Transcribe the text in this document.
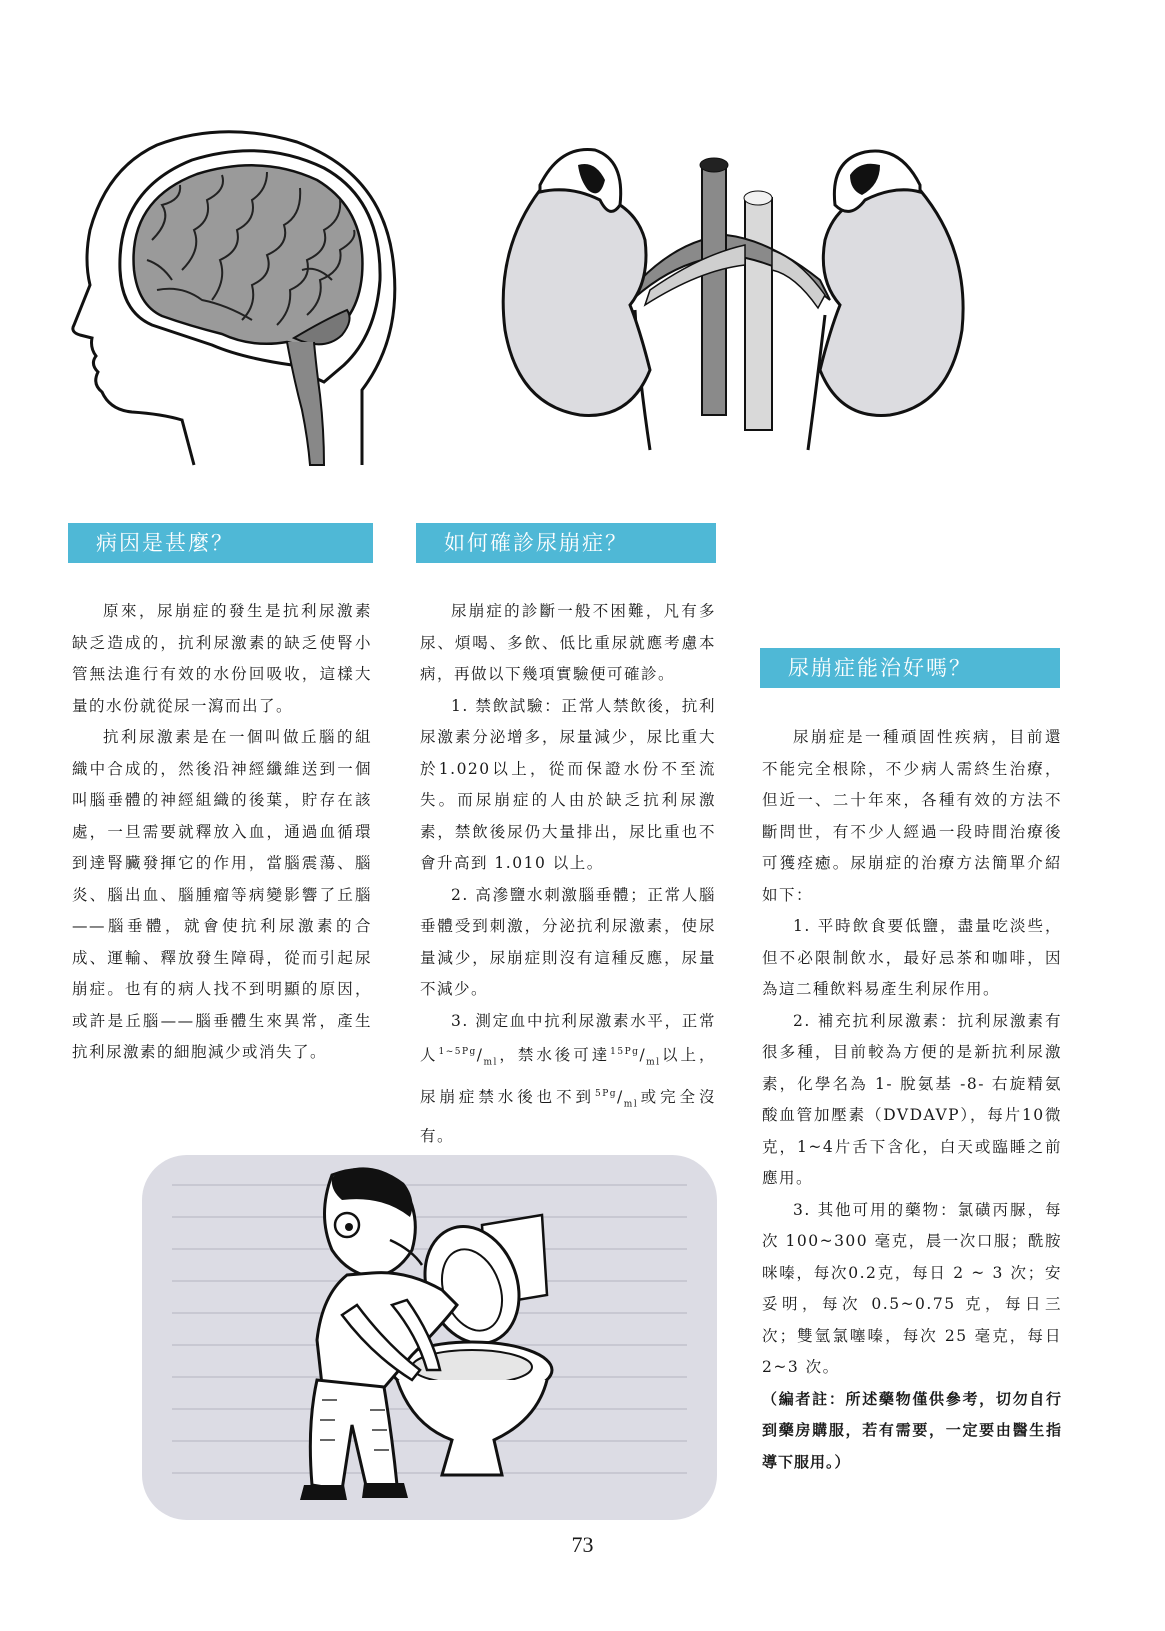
病因是甚麼？	如何確診尿崩症？
尿崩症能治好嗎？

原來，尿崩症的發生是抗利尿激素缺乏造成的，抗利尿激素的缺乏使腎小管無法進行有效的水份回吸收，這樣大量的水份就從尿一瀉而出了。

抗利尿激素是在一個叫做丘腦的組織中合成的，然後沿神經纖維送到一個叫腦垂體的神經組織的後葉，貯存在該處，一旦需要就釋放入血，通過血循環到達腎臟發揮它的作用，當腦震蕩、腦炎、腦出血、腦腫瘤等病變影響了丘腦——腦垂體，就會使抗利尿激素的合成、運輸、釋放發生障碍，從而引起尿崩症。也有的病人找不到明顯的原因，或許是丘腦——腦垂體生來異常，產生抗利尿激素的細胞減少或消失了。

尿崩症的診斷一般不困難，凡有多尿、煩喝、多飲、低比重尿就應考慮本病，再做以下幾項實驗便可確診。

1. 禁飲試驗：正常人禁飲後，抗利尿激素分泌增多，尿量減少，尿比重大於1.020以上，從而保證水份不至流失。而尿崩症的人由於缺乏抗利尿激素，禁飲後尿仍大量排出，尿比重也不會升高到 1.010 以上。

2. 高滲鹽水刺激腦垂體；正常人腦垂體受到刺激，分泌抗利尿激素，使尿量減少，尿崩症則沒有這種反應，尿量不減少。

3. 測定血中抗利尿激素水平，正常人$^{1\sim 5Pg}/_{ml}$，禁水後可達$^{15Pg}/_{ml}$以上，尿崩症禁水後也不到$^{5Pg}/_{ml}$或完全沒有。

尿崩症是一種頑固性疾病，目前還不能完全根除，不少病人需終生治療，但近一、二十年來，各種有效的方法不斷問世，有不少人經過一段時間治療後可獲痊癒。尿崩症的治療方法簡單介紹如下：

1. 平時飲食要低鹽，盡量吃淡些，但不必限制飲水，最好忌茶和咖啡，因為這二種飲料易產生利尿作用。

2. 補充抗利尿激素：抗利尿激素有很多種，目前較為方便的是新抗利尿激素，化學名為 1- 脫氨基 -8- 右旋精氨酸血管加壓素（DVDAVP），每片10微克，1~4片舌下含化，白天或臨睡之前應用。

3. 其他可用的藥物：氯磺丙脲，每次 100~300 毫克，晨一次口服；酰胺咪嗪，每次0.2克，每日 2 ~ 3 次；安妥明，每次 0.5~0.75 克，每日三次；雙氫氯噻嗪，每次 25 毫克，每日 2~3 次。

（編者註：所述藥物僅供參考，切勿自行到藥房購服，若有需要，一定要由醫生指導下服用。）

73
